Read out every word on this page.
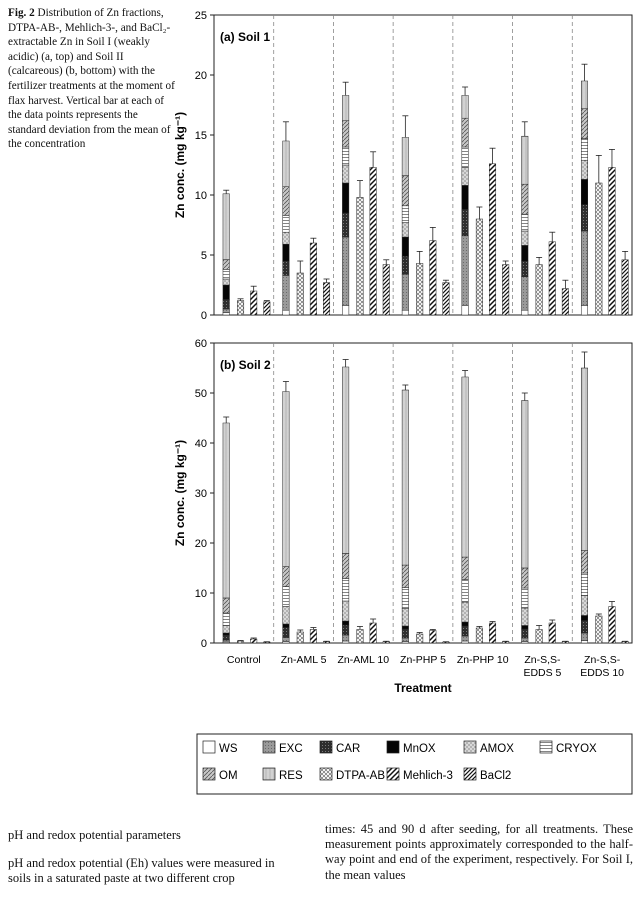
Fig. 2 Distribution of Zn fractions, DTPA-AB-, Mehlich-3-, and BaCl₂-extractable Zn in Soil I (weakly acidic) (a, top) and Soil II (calcareous) (b, bottom) with the fertilizer treatments at the moment of flax harvest. Vertical bar at each of the data points represents the standard deviation from the mean of the concentration
0
5
10
15
20
25
Zn conc. (mg kg⁻¹)
(a) Soil 1
0
10
20
30
40
50
60
Zn conc. (mg kg⁻¹)
(b) Soil 2
Control Zn-AML 5 Zn-AML 10 Zn-PHP 5 Zn-PHP 10 Zn-S,S-EDDS 5
Zn-S,S-EDDS 10
Treatment
WS	EXC	CAR	MnOX	AMOX	CRYOX
OM	RES	DTPA-AB Mehlich-3 BaCl2
pH and redox potential parameters
pH and redox potential (Eh) values were measured in soils in a saturated paste at two different crop
times: 45 and 90 d after seeding, for all treatments. These measurement points approximately corresponded to the half-way point and end of the experiment, respectively. For Soil I, the mean values
